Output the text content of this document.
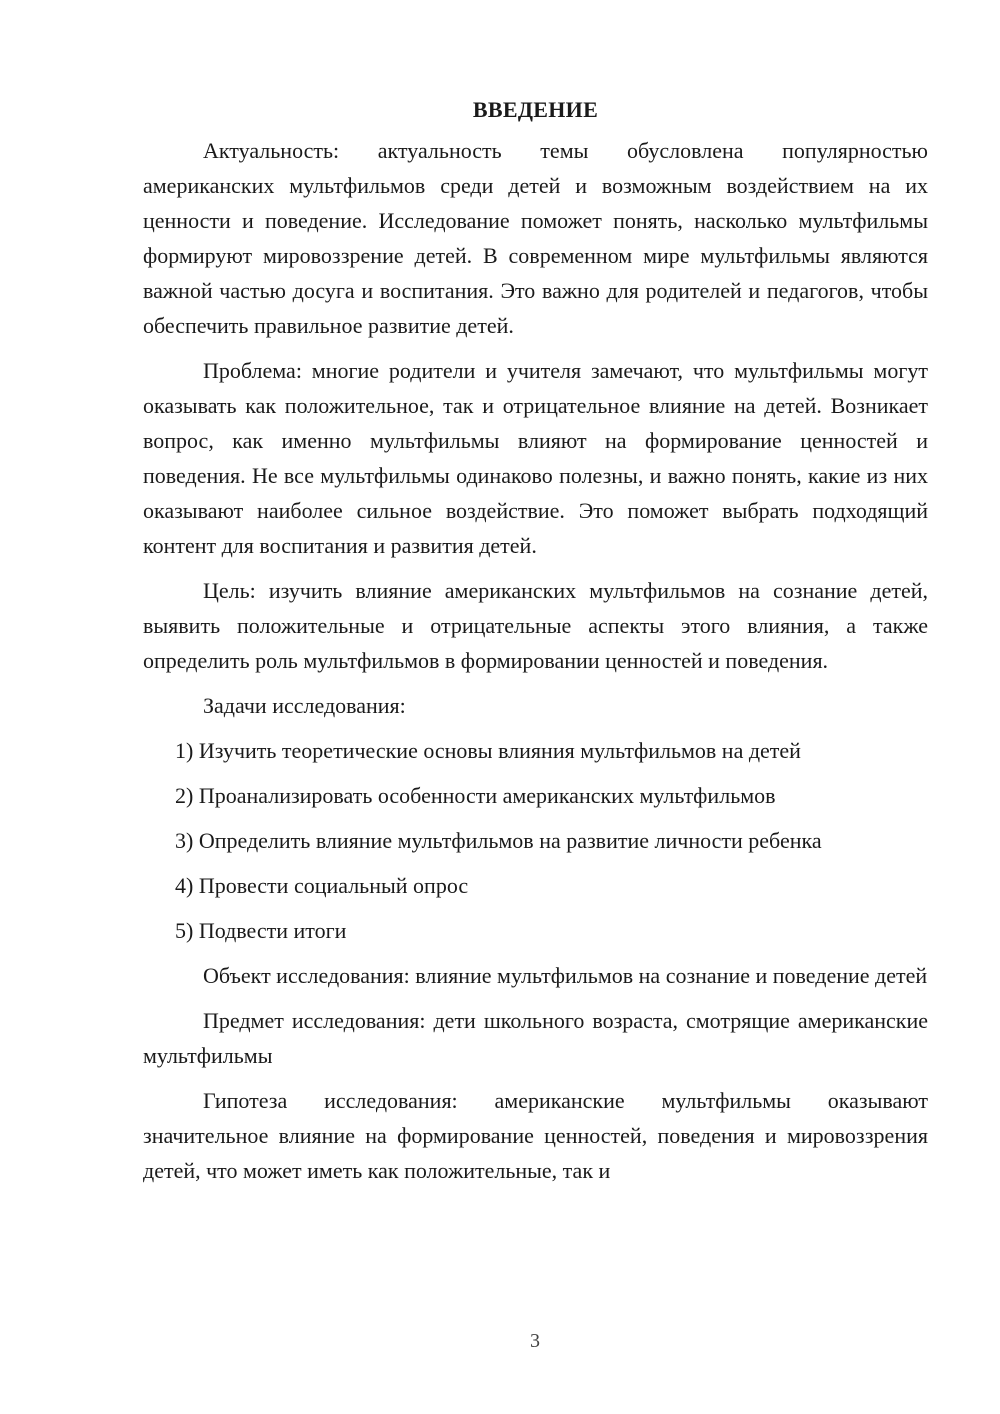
ВВЕДЕНИЕ

Актуальность: актуальность темы обусловлена популярностью американских мультфильмов среди детей и возможным воздействием на их ценности и поведение. Исследование поможет понять, насколько мультфильмы формируют мировоззрение детей. В современном мире мультфильмы являются важной частью досуга и воспитания. Это важно для родителей и педагогов, чтобы обеспечить правильное развитие детей.

Проблема: многие родители и учителя замечают, что мультфильмы могут оказывать как положительное, так и отрицательное влияние на детей. Возникает вопрос, как именно мультфильмы влияют на формирование ценностей и поведения. Не все мультфильмы одинаково полезны, и важно понять, какие из них оказывают наиболее сильное воздействие. Это поможет выбрать подходящий контент для воспитания и развития детей.

Цель: изучить влияние американских мультфильмов на сознание детей, выявить положительные и отрицательные аспекты этого влияния, а также определить роль мультфильмов в формировании ценностей и поведения.

Задачи исследования:

1) Изучить теоретические основы влияния мультфильмов на детей
2) Проанализировать особенности американских мультфильмов
3) Определить влияние мультфильмов на развитие личности ребенка
4) Провести социальный опрос
5) Подвести итоги

Объект исследования: влияние мультфильмов на сознание и поведение детей

Предмет исследования: дети школьного возраста, смотрящие американские мультфильмы

Гипотеза исследования: американские мультфильмы оказывают значительное влияние на формирование ценностей, поведения и мировоззрения детей, что может иметь как положительные, так и

3
